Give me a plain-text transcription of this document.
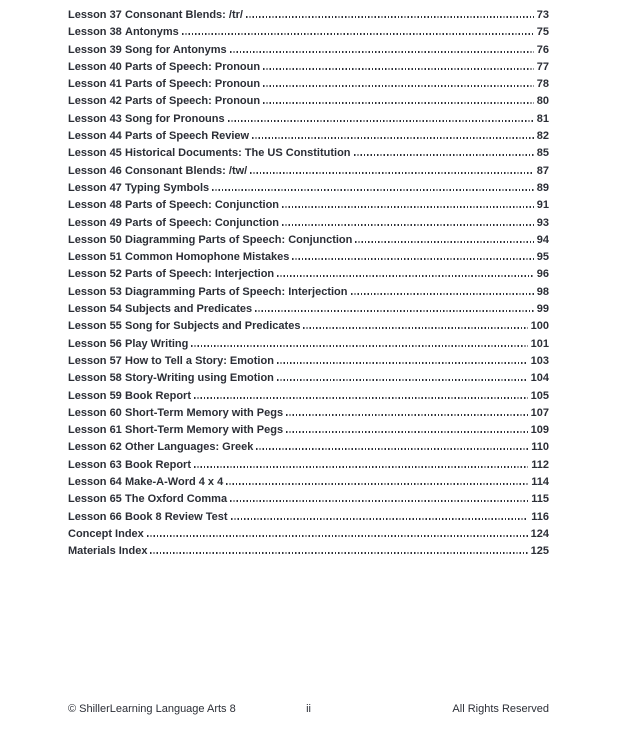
Lesson 37 Consonant Blends: /tr/	73
Lesson 38 Antonyms	75
Lesson 39 Song for Antonyms	76
Lesson 40 Parts of Speech: Pronoun	77
Lesson 41 Parts of Speech: Pronoun	78
Lesson 42 Parts of Speech: Pronoun	80
Lesson 43 Song for Pronouns	81
Lesson 44 Parts of Speech Review	82
Lesson 45 Historical Documents: The US Constitution	85
Lesson 46 Consonant Blends: /tw/	87
Lesson 47 Typing Symbols	89
Lesson 48 Parts of Speech: Conjunction	91
Lesson 49 Parts of Speech: Conjunction	93
Lesson 50 Diagramming Parts of Speech: Conjunction	94
Lesson 51 Common Homophone Mistakes	95
Lesson 52 Parts of Speech: Interjection	96
Lesson 53 Diagramming Parts of Speech: Interjection	98
Lesson 54 Subjects and Predicates	99
Lesson 55 Song for Subjects and Predicates	100
Lesson 56 Play Writing	101
Lesson 57 How to Tell a Story: Emotion	103
Lesson 58 Story-Writing using Emotion	104
Lesson 59 Book Report	105
Lesson 60 Short-Term Memory with Pegs	107
Lesson 61 Short-Term Memory with Pegs	109
Lesson 62 Other Languages: Greek	110
Lesson 63 Book Report	112
Lesson 64 Make-A-Word 4 x 4	114
Lesson 65 The Oxford Comma	115
Lesson 66 Book 8 Review Test	116
Concept Index	124
Materials Index	125
© ShillerLearning Language Arts 8	ii	All Rights Reserved
